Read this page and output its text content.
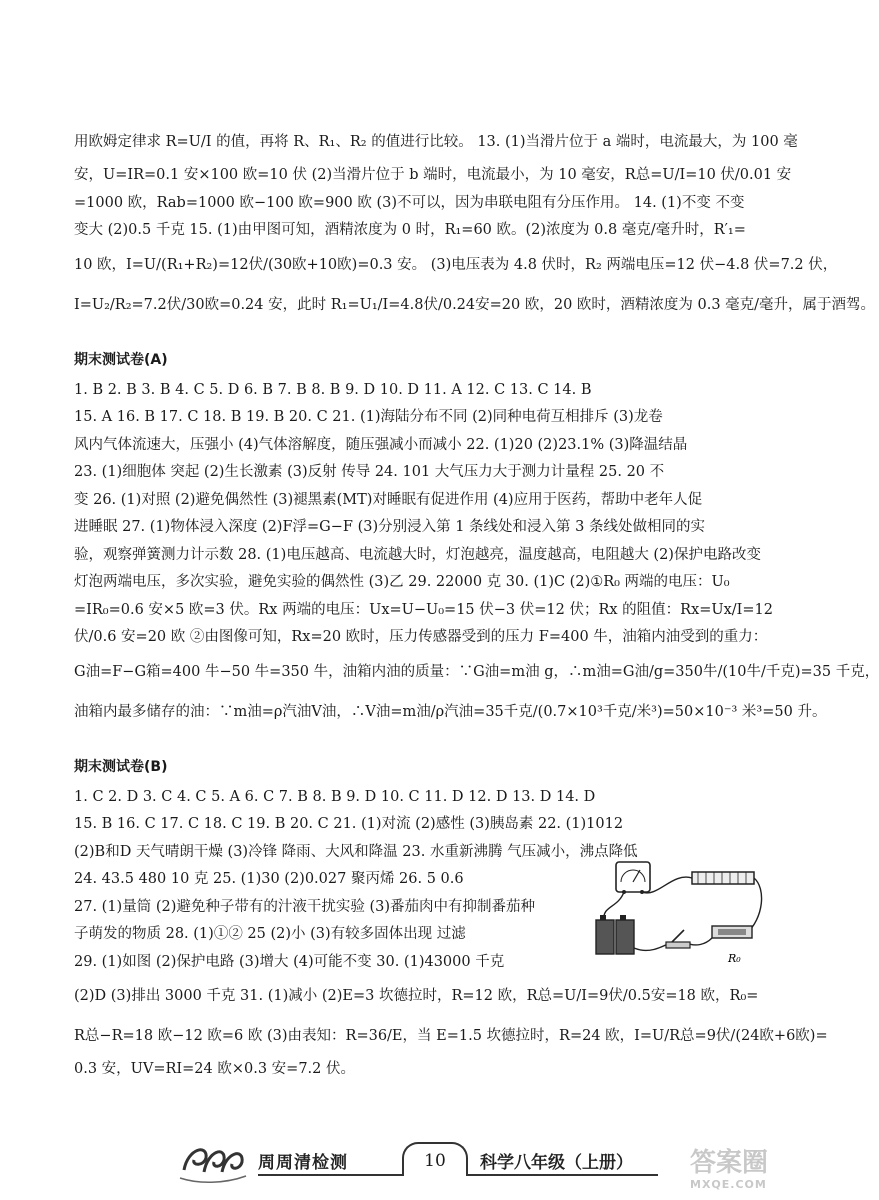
用欧姆定律求 R=U/I 的值，再将 R、R₁、R₂ 的值进行比较。 13. (1)当滑片位于 a 端时，电流最大，为 100 毫

安，U=IR=0.1 安×100 欧=10 伏 (2)当滑片位于 b 端时，电流最小，为 10 毫安，R总=U/I=10 伏/0.01 安

=1000 欧，Rab=1000 欧−100 欧=900 欧 (3)不可以，因为串联电阻有分压作用。 14. (1)不变 不变

变大 (2)0.5 千克 15. (1)由甲图可知，酒精浓度为 0 时，R₁=60 欧。(2)浓度为 0.8 毫克/毫升时，R′₁=

10 欧，I=U/(R₁+R₂)=12伏/(30欧+10欧)=0.3 安。 (3)电压表为 4.8 伏时，R₂ 两端电压=12 伏−4.8 伏=7.2 伏，

I=U₂/R₂=7.2伏/30欧=0.24 安，此时 R₁=U₁/I=4.8伏/0.24安=20 欧，20 欧时，酒精浓度为 0.3 毫克/毫升，属于酒驾。

期末测试卷(A)

1. B 2. B 3. B 4. C 5. D 6. B 7. B 8. B 9. D 10. D 11. A 12. C 13. C 14. B

15. A 16. B 17. C 18. B 19. B 20. C 21. (1)海陆分布不同 (2)同种电荷互相排斥 (3)龙卷

风内气体流速大，压强小 (4)气体溶解度，随压强减小而减小 22. (1)20 (2)23.1% (3)降温结晶

23. (1)细胞体 突起 (2)生长激素 (3)反射 传导 24. 101 大气压力大于测力计量程 25. 20 不

变 26. (1)对照 (2)避免偶然性 (3)褪黑素(MT)对睡眠有促进作用 (4)应用于医药，帮助中老年人促

进睡眠 27. (1)物体浸入深度 (2)F浮=G−F (3)分别浸入第 1 条线处和浸入第 3 条线处做相同的实

验，观察弹簧测力计示数 28. (1)电压越高、电流越大时，灯泡越亮，温度越高，电阻越大 (2)保护电路改变

灯泡两端电压，多次实验，避免实验的偶然性 (3)乙 29. 22000 克 30. (1)C (2)①R₀ 两端的电压：U₀

=IR₀=0.6 安×5 欧=3 伏。Rx 两端的电压：Ux=U−U₀=15 伏−3 伏=12 伏；Rx 的阻值：Rx=Ux/I=12

伏/0.6 安=20 欧 ②由图像可知，Rx=20 欧时，压力传感器受到的压力 F=400 牛，油箱内油受到的重力：

G油=F−G箱=400 牛−50 牛=350 牛，油箱内油的质量：∵G油=m油 g，∴m油=G油/g=350牛/(10牛/千克)=35 千克，

油箱内最多储存的油：∵m油=ρ汽油V油，∴V油=m油/ρ汽油=35千克/(0.7×10³千克/米³)=50×10⁻³ 米³=50 升。

期末测试卷(B)

1. C 2. D 3. C 4. C 5. A 6. C 7. B 8. B 9. D 10. C 11. D 12. D 13. D 14. D

15. B 16. C 17. C 18. C 19. B 20. C 21. (1)对流 (2)感性 (3)胰岛素 22. (1)1012

(2)B和D 天气晴朗干燥 (3)冷锋 降雨、大风和降温 23. 水重新沸腾 气压减小，沸点降低

24. 43.5 480 10 克 25. (1)30 (2)0.027 聚丙烯 26. 5 0.6

27. (1)量筒 (2)避免种子带有的汁液干扰实验 (3)番茄肉中有抑制番茄种

子萌发的物质 28. (1)①② 25 (2)小 (3)有较多固体出现 过滤

29. (1)如图 (2)保护电路 (3)增大 (4)可能不变 30. (1)43000 千克

(2)D (3)排出 3000 千克 31. (1)减小 (2)E=3 坎德拉时，R=12 欧，R总=U/I=9伏/0.5安=18 欧，R₀=

R总−R=18 欧−12 欧=6 欧 (3)由表知：R=36/E，当 E=1.5 坎德拉时，R=24 欧，I=U/R总=9伏/(24欧+6欧)=

0.3 安，UV=RI=24 欧×0.3 安=7.2 伏。

R₀
周周清检测	10	科学八年级（上册） 答案圈
MXQE.COM
